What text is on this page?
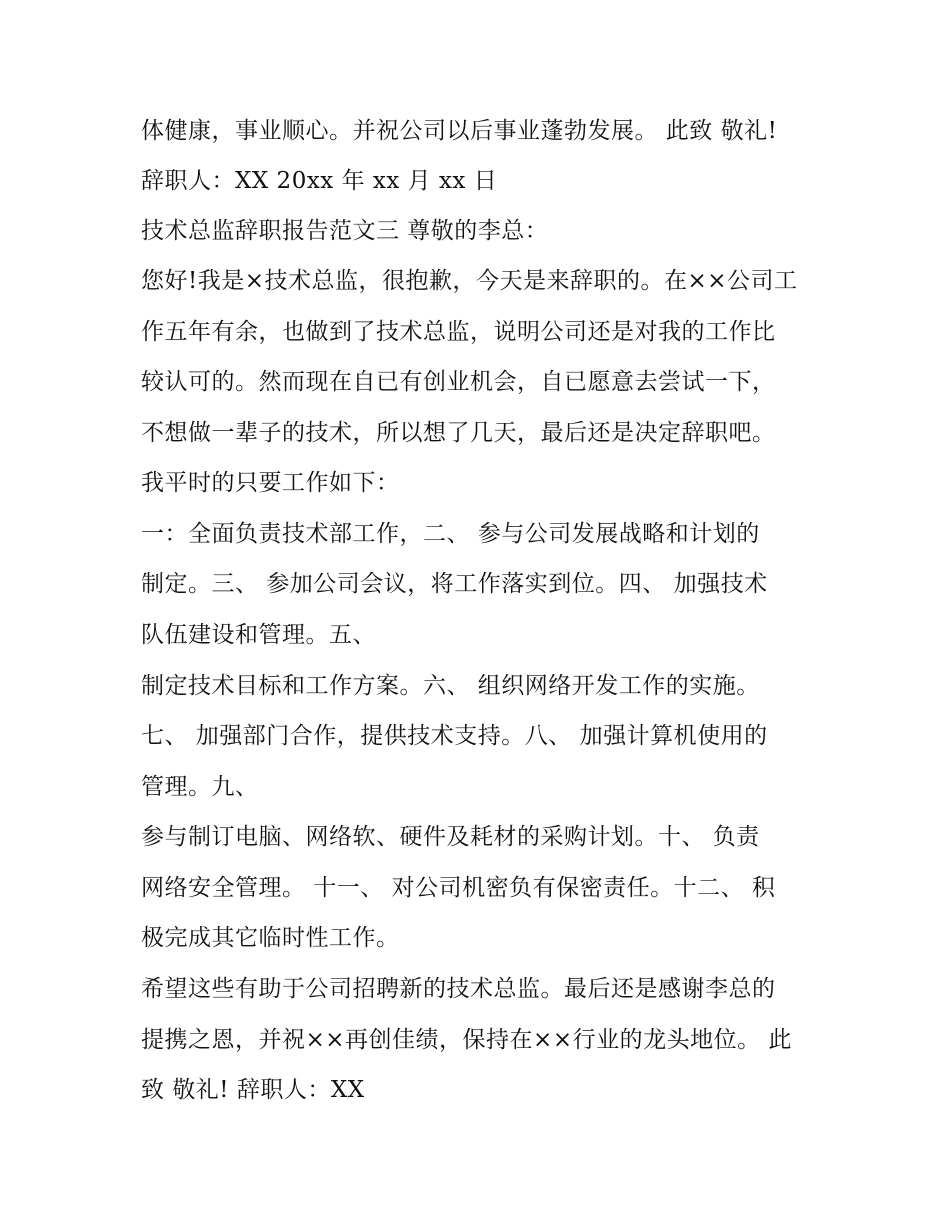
体健康，事业顺心。并祝公司以后事业蓬勃发展。 此致 敬礼!
辞职人：XX 20xx 年 xx 月 xx 日
技术总监辞职报告范文三 尊敬的李总：
您好!我是×技术总监，很抱歉，今天是来辞职的。在××公司工
作五年有余，也做到了技术总监，说明公司还是对我的工作比
较认可的。然而现在自已有创业机会，自已愿意去尝试一下，
不想做一辈子的技术，所以想了几天，最后还是决定辞职吧。
我平时的只要工作如下：
一：全面负责技术部工作，二、 参与公司发展战略和计划的
制定。三、 参加公司会议，将工作落实到位。四、 加强技术
队伍建设和管理。五、
制定技术目标和工作方案。六、 组织网络开发工作的实施。
七、 加强部门合作，提供技术支持。八、 加强计算机使用的
管理。九、
参与制订电脑、网络软、硬件及耗材的采购计划。十、 负责
网络安全管理。 十一、 对公司机密负有保密责任。十二、 积
极完成其它临时性工作。
希望这些有助于公司招聘新的技术总监。最后还是感谢李总的
提携之恩，并祝××再创佳绩，保持在××行业的龙头地位。 此
致 敬礼! 辞职人：XX
